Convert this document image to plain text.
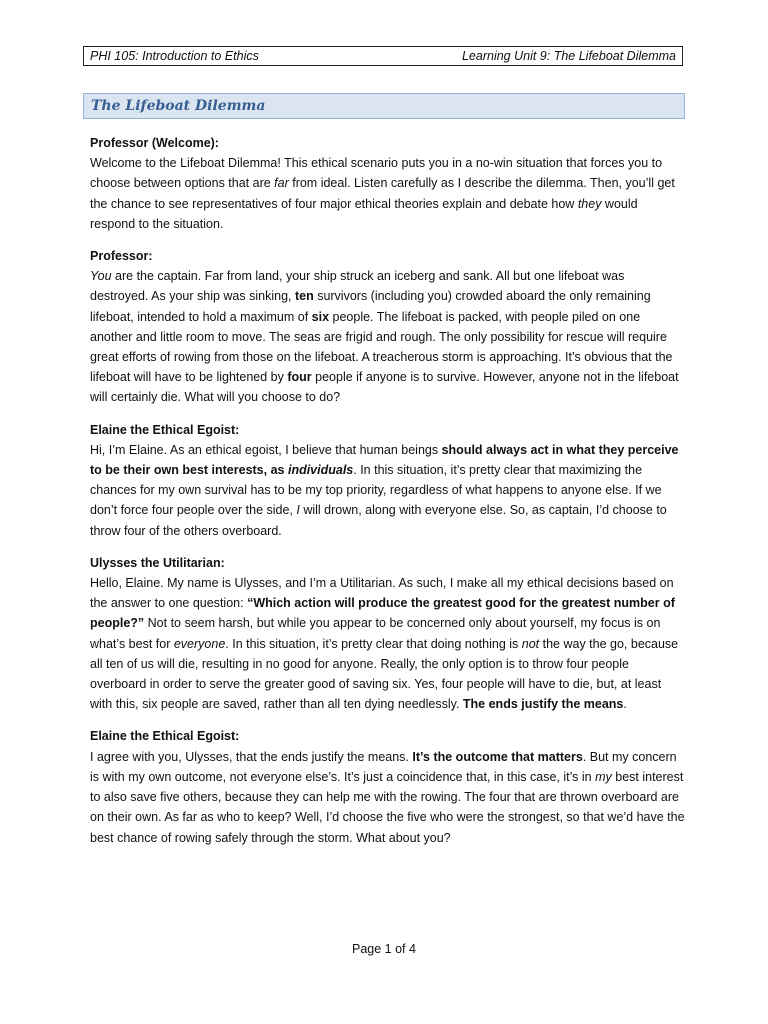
PHI 105: Introduction to Ethics	Learning Unit 9: The Lifeboat Dilemma
The Lifeboat Dilemma
Professor (Welcome):
Welcome to the Lifeboat Dilemma! This ethical scenario puts you in a no-win situation that forces you to choose between options that are far from ideal. Listen carefully as I describe the dilemma. Then, you’ll get the chance to see representatives of four major ethical theories explain and debate how they would respond to the situation.
Professor:
You are the captain. Far from land, your ship struck an iceberg and sank. All but one lifeboat was destroyed. As your ship was sinking, ten survivors (including you) crowded aboard the only remaining lifeboat, intended to hold a maximum of six people. The lifeboat is packed, with people piled on one another and little room to move. The seas are frigid and rough. The only possibility for rescue will require great efforts of rowing from those on the lifeboat. A treacherous storm is approaching. It’s obvious that the lifeboat will have to be lightened by four people if anyone is to survive. However, anyone not in the lifeboat will certainly die. What will you choose to do?
Elaine the Ethical Egoist:
Hi, I’m Elaine. As an ethical egoist, I believe that human beings should always act in what they perceive to be their own best interests, as individuals. In this situation, it’s pretty clear that maximizing the chances for my own survival has to be my top priority, regardless of what happens to anyone else. If we don’t force four people over the side, I will drown, along with everyone else. So, as captain, I’d choose to throw four of the others overboard.
Ulysses the Utilitarian:
Hello, Elaine. My name is Ulysses, and I’m a Utilitarian. As such, I make all my ethical decisions based on the answer to one question: “Which action will produce the greatest good for the greatest number of people?” Not to seem harsh, but while you appear to be concerned only about yourself, my focus is on what’s best for everyone. In this situation, it’s pretty clear that doing nothing is not the way the go, because all ten of us will die, resulting in no good for anyone. Really, the only option is to throw four people overboard in order to serve the greater good of saving six. Yes, four people will have to die, but, at least with this, six people are saved, rather than all ten dying needlessly. The ends justify the means.
Elaine the Ethical Egoist:
I agree with you, Ulysses, that the ends justify the means. It’s the outcome that matters. But my concern is with my own outcome, not everyone else’s. It’s just a coincidence that, in this case, it’s in my best interest to also save five others, because they can help me with the rowing. The four that are thrown overboard are on their own. As far as who to keep? Well, I’d choose the five who were the strongest, so that we’d have the best chance of rowing safely through the storm. What about you?
Page 1 of 4
